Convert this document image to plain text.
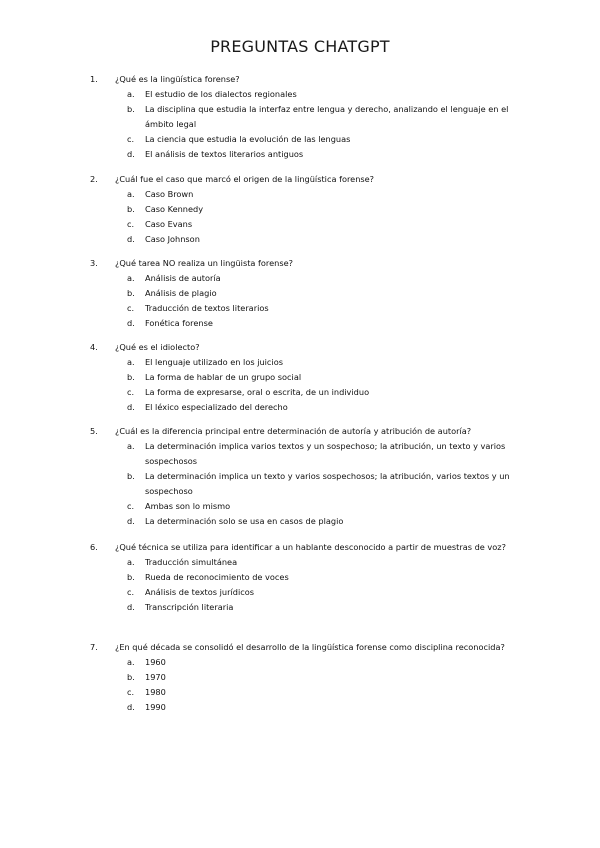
PREGUNTAS CHATGPT
1. ¿Qué es la lingüística forense?
a. El estudio de los dialectos regionales
b. La disciplina que estudia la interfaz entre lengua y derecho, analizando el lenguaje en el ámbito legal
c. La ciencia que estudia la evolución de las lenguas
d. El análisis de textos literarios antiguos
2. ¿Cuál fue el caso que marcó el origen de la lingüística forense?
a. Caso Brown
b. Caso Kennedy
c. Caso Evans
d. Caso Johnson
3. ¿Qué tarea NO realiza un lingüista forense?
a. Análisis de autoría
b. Análisis de plagio
c. Traducción de textos literarios
d. Fonética forense
4. ¿Qué es el idiolecto?
a. El lenguaje utilizado en los juicios
b. La forma de hablar de un grupo social
c. La forma de expresarse, oral o escrita, de un individuo
d. El léxico especializado del derecho
5. ¿Cuál es la diferencia principal entre determinación de autoría y atribución de autoría?
a. La determinación implica varios textos y un sospechoso; la atribución, un texto y varios sospechosos
b. La determinación implica un texto y varios sospechosos; la atribución, varios textos y un sospechoso
c. Ambas son lo mismo
d. La determinación solo se usa en casos de plagio
6. ¿Qué técnica se utiliza para identificar a un hablante desconocido a partir de muestras de voz?
a. Traducción simultánea
b. Rueda de reconocimiento de voces
c. Análisis de textos jurídicos
d. Transcripción literaria
7. ¿En qué década se consolidó el desarrollo de la lingüística forense como disciplina reconocida?
a. 1960
b. 1970
c. 1980
d. 1990
